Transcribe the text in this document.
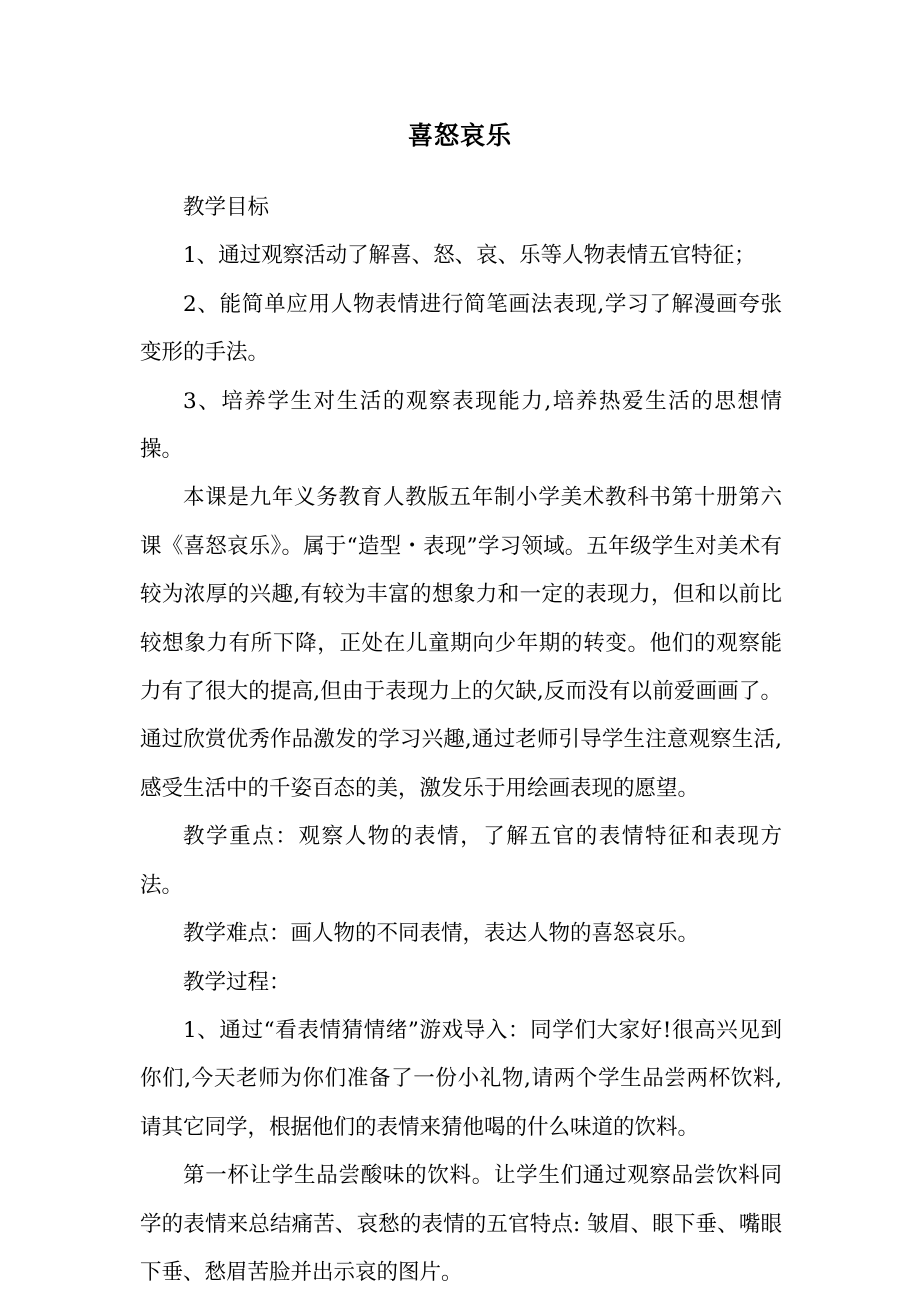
喜怒哀乐

教学目标

1、通过观察活动了解喜、怒、哀、乐等人物表情五官特征；

2、能简单应用人物表情进行简笔画法表现,学习了解漫画夸张变形的手法。

3、培养学生对生活的观察表现能力,培养热爱生活的思想情操。

本课是九年义务教育人教版五年制小学美术教科书第十册第六课《喜怒哀乐》。属于“造型・表现”学习领域。五年级学生对美术有较为浓厚的兴趣,有较为丰富的想象力和一定的表现力，但和以前比较想象力有所下降，正处在儿童期向少年期的转变。他们的观察能力有了很大的提高,但由于表现力上的欠缺,反而没有以前爱画画了。通过欣赏优秀作品激发的学习兴趣,通过老师引导学生注意观察生活,感受生活中的千姿百态的美，激发乐于用绘画表现的愿望。

教学重点：观察人物的表情，了解五官的表情特征和表现方法。

教学难点：画人物的不同表情，表达人物的喜怒哀乐。

教学过程：

1、通过“看表情猜情绪”游戏导入：同学们大家好!很高兴见到你们,今天老师为你们准备了一份小礼物,请两个学生品尝两杯饮料,请其它同学，根据他们的表情来猜他喝的什么味道的饮料。

第一杯让学生品尝酸味的饮料。让学生们通过观察品尝饮料同学的表情来总结痛苦、哀愁的表情的五官特点: 皱眉、眼下垂、嘴眼下垂、愁眉苦脸并出示哀的图片。
